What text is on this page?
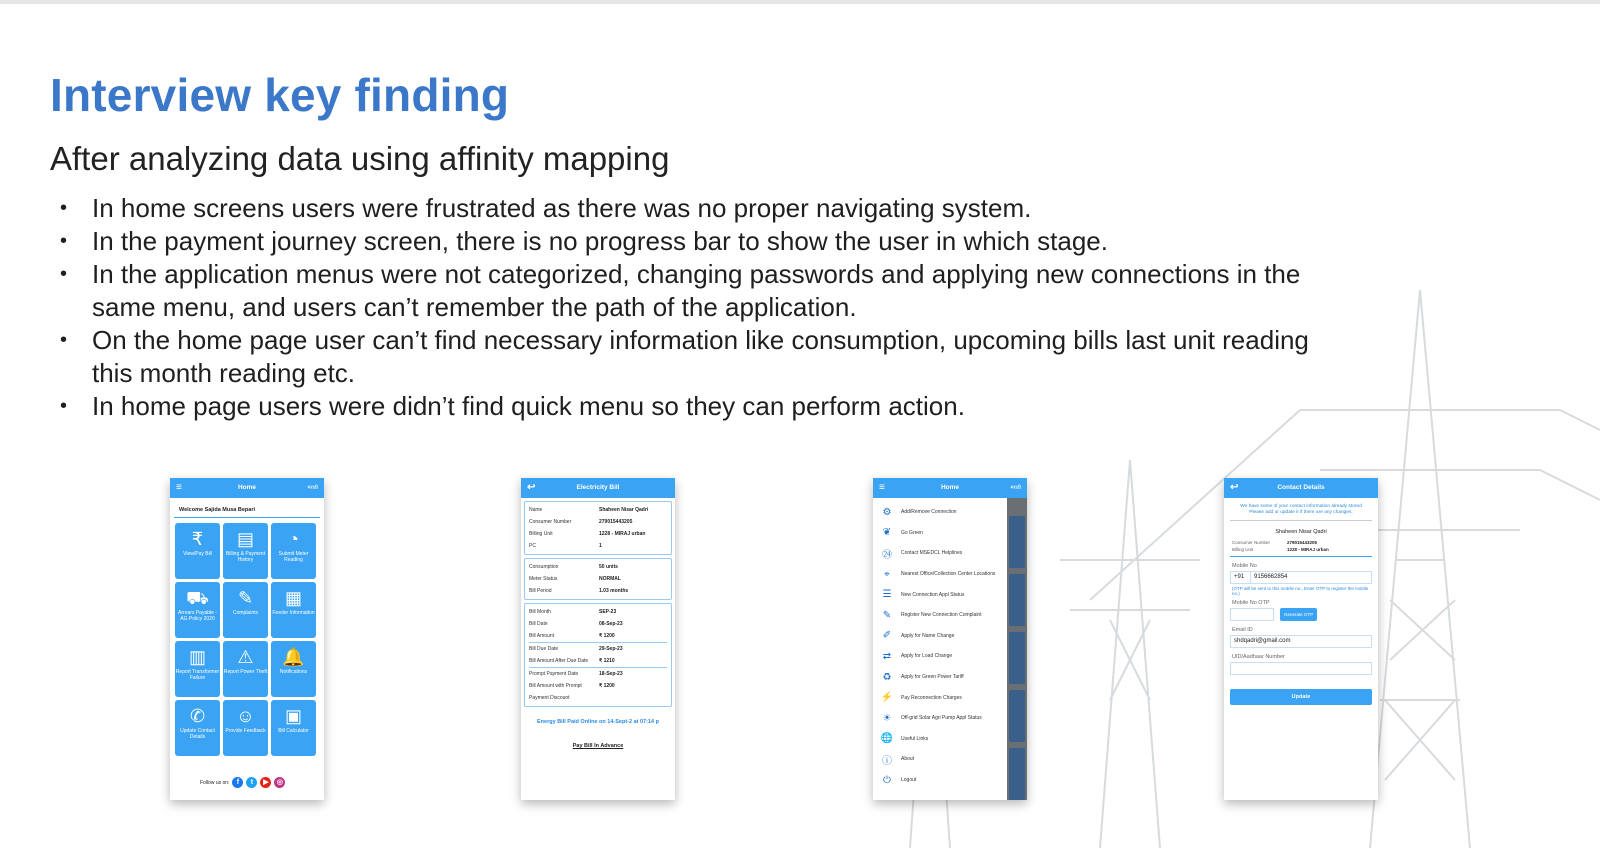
Interview key finding
After analyzing data using affinity mapping
• In home screens users were frustrated as there was no proper navigating system.
• In the payment journey screen, there is no progress bar to show the user in which stage.
• In the application menus were not categorized, changing passwords and applying new connections in the same menu, and users can’t remember the path of the application.
• On the home page user can’t find necessary information like consumption, upcoming bills last unit reading this month reading etc.
• In home page users were didn’t find quick menu so they can perform action.
≡	Home	मराठी
Welcome Sajida Musa Bepari
₹
View/Pay Bill
▤
Billing & Payment History
◔
Submit Meter Reading
⛟
Arrears Payable - AG Policy 2020
✎
Complaints
▦
Feeder Information
▥
Report Transformer Failure
⚠
Report Power Theft
🔔
Notifications
✆
Update Contact Details
☺
Provide Feedback
▣
Bill Calculator
Follow us on:	f	t	▶	◎
↩	Electricity Bill
Name	Shaheen Nisar Qadri
Consumer Number	279015443205
Billing Unit	1228 - MIRAJ urban
PC	1
Consumption	50 units
Meter Status	NORMAL
Bill Period	1.03 months
Bill Month	SEP-23
Bill Date	08-Sep-23
Bill Amount	₹ 1200
Bill Due Date	29-Sep-23
Bill Amount After Due Date	₹ 1210
Prompt Payment Date	18-Sep-23
Bill Amount with Prompt Payment Discount
₹ 1200
Energy Bill Paid Online on 14-Sept-2 at 07:14 p
Pay Bill In Advance
≡	Home	मराठी
⚙	Add/Remove Connection
❦	Go Green
㉔	Contact MSEDCL Helplines
⌖	Nearest Office/Collection Center Locations
☰	New Connection Appl Status
✎	Register New Connection Complaint
✐	Apply for Name Change
⇄	Apply for Load Change
♻	Apply for Green Power Tariff
⚡	Pay Reconnection Charges
☀	Off-grid Solar Agri Pump Appl Status
🌐	Useful Links
ⓘ	About
⏻	Logout
↩	Contact Details
We have some of your contact information already stored Please add or update it if there are any changes.
Shaheen Nisar Qadri
Consumer Number	279015443205
Billing Unit	1228 - MIRAJ urban
Mobile No
+91	9156662854
(OTP will be sent to this mobile no., Enter OTP to register the mobile no.)
Mobile No OTP
Generate OTP
Email ID
shdqadri@gmail.com
UID/Aadhaar Number
Update
